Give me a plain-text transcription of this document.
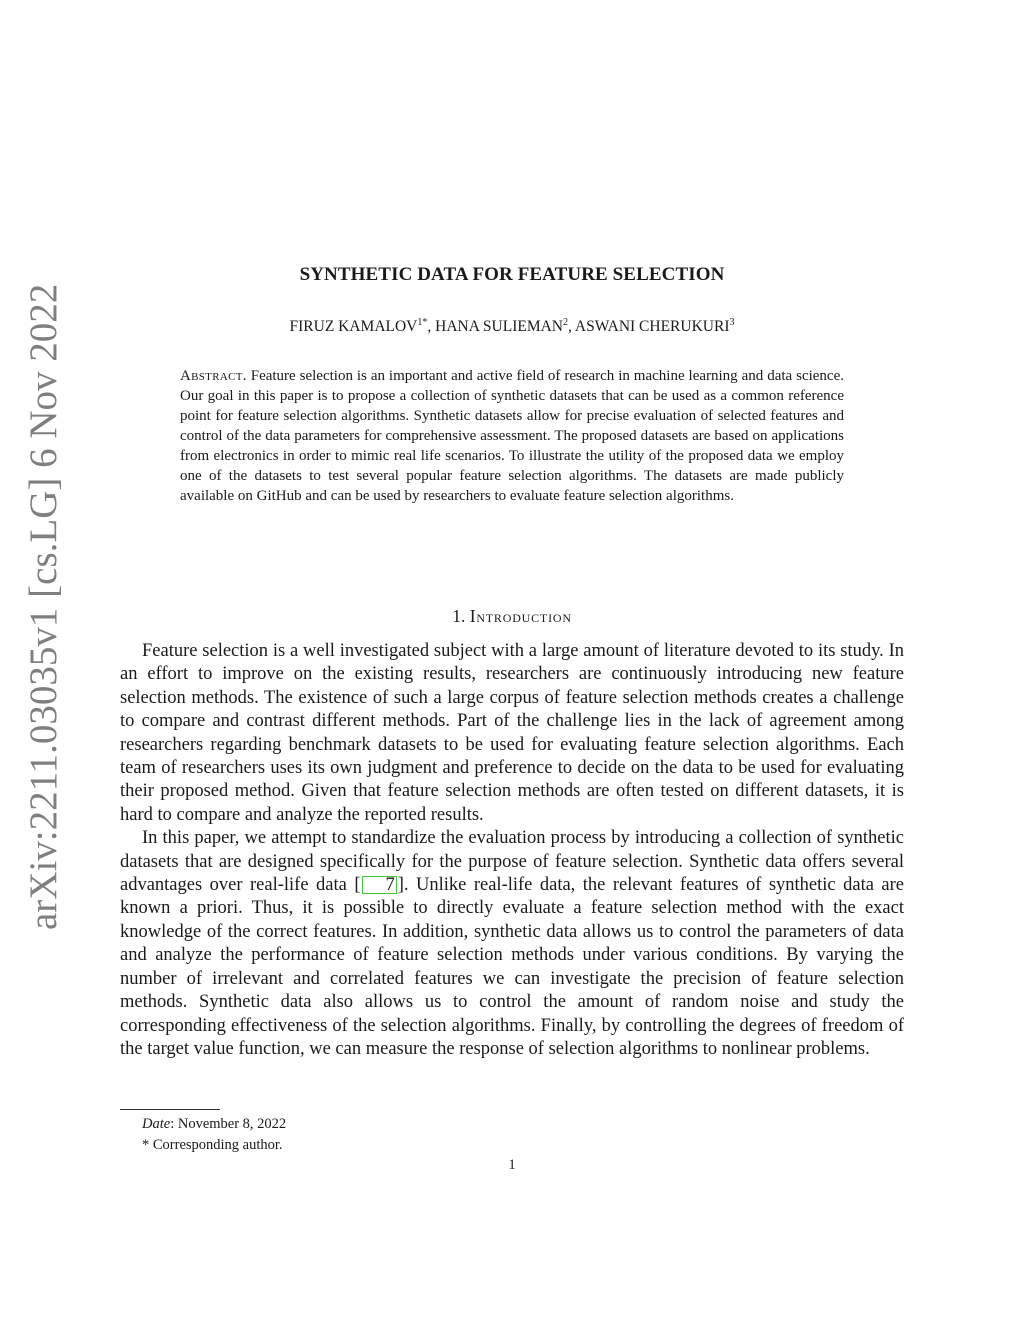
arXiv:2211.03035v1 [cs.LG] 6 Nov 2022
SYNTHETIC DATA FOR FEATURE SELECTION
FIRUZ $KAMALOV^{1*}$, HANA SULIEMAN$^2$, ASWANI CHERUKURI$^3$
Abstract. Feature selection is an important and active field of research in machine learning and data science. Our goal in this paper is to propose a collection of synthetic datasets that can be used as a common reference point for feature selection algorithms. Synthetic datasets allow for precise evaluation of selected features and control of the data parameters for comprehensive assessment. The proposed datasets are based on applications from electronics in order to mimic real life scenarios. To illustrate the utility of the proposed data we employ one of the datasets to test several popular feature selection algorithms. The datasets are made publicly available on GitHub and can be used by researchers to evaluate feature selection algorithms.
1. Introduction

Feature selection is a well investigated subject with a large amount of literature devoted to its study. In an effort to improve on the existing results, researchers are continuously introducing new feature selection methods. The existence of such a large corpus of feature selection methods creates a challenge to compare and contrast different methods. Part of the challenge lies in the lack of agreement among researchers regarding benchmark datasets to be used for evaluating feature selection algorithms. Each team of researchers uses its own judgment and preference to decide on the data to be used for evaluating their proposed method. Given that feature selection methods are often tested on different datasets, it is hard to compare and analyze the reported results.

In this paper, we attempt to standardize the evaluation process by introducing a collection of synthetic datasets that are designed specifically for the purpose of feature selection. Synthetic data offers several advantages over real-life data [ 7 ]. Unlike real-life data, the relevant features of synthetic data are known a priori. Thus, it is possible to directly evaluate a feature selection method with the exact knowledge of the correct features. In addition, synthetic data allows us to control the parameters of data and analyze the performance of feature selection methods under various conditions. By varying the number of irrelevant and correlated features we can investigate the precision of feature selection methods. Synthetic data also allows us to control the amount of random noise and study the corresponding effectiveness of the selection algorithms. Finally, by controlling the degrees of freedom of the target value function, we can measure the response of selection algorithms to nonlinear problems.

Date: November 8, 2022

* Corresponding author.

1
